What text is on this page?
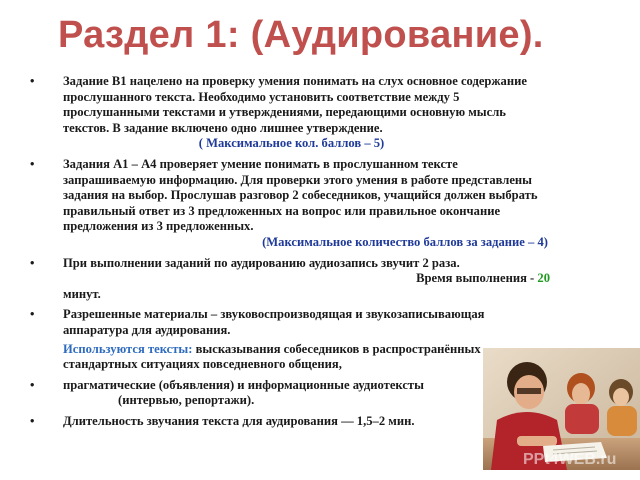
Раздел 1: (Аудирование).
• Задание В1 нацелено на проверку умения понимать на слух основное содержание прослушанного текста. Необходимо установить соответствие между 5 прослушанными текстами и утверждениями, передающими основную мысль текстов. В задание включено одно лишнее утверждение.
( Максимальное кол. баллов – 5)
• Задания А1 – А4 проверяет умение понимать в прослушанном тексте запрашиваемую информацию. Для проверки этого умения в работе представлены задания на выбор. Прослушав разговор 2 собеседников, учащийся должен выбрать правильный ответ из 3 предложенных на вопрос или правильное окончание предложения из 3 предложенных.
(Максимальное количество баллов за задание – 4)
• При выполнении заданий по аудированию аудиозапись звучит 2 раза.
Время выполнения - 20
минут.
• Разрешенные материалы – звуковоспроизводящая и звукозаписывающая аппаратура для аудирования.
Используются тексты: высказывания собеседников в распространённых стандартных ситуациях повседневного общения,
• прагматические (объявления) и информационные аудиотексты
(интервью, репортажи).
• Длительность звучания текста для аудирования — 1,5–2 мин.
PPt4WEB.ru
